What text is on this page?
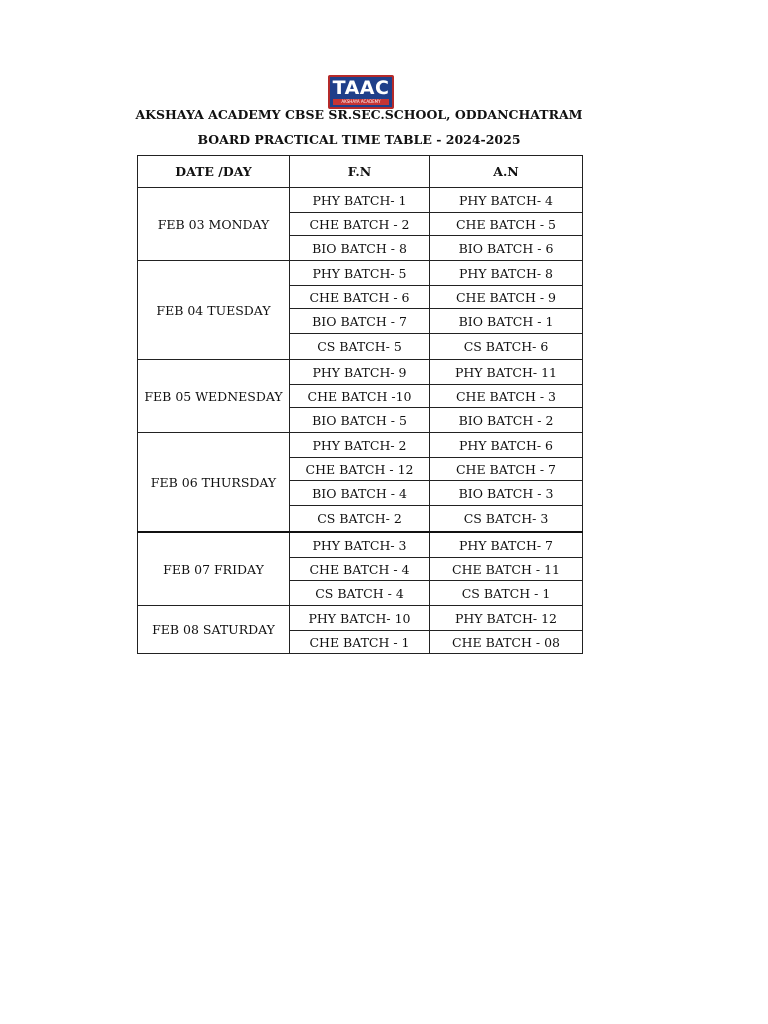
TAAC
AKSHAYA ACADEMY
AKSHAYA ACADEMY CBSE SR.SEC.SCHOOL, ODDANCHATRAM
BOARD PRACTICAL TIME TABLE - 2024-2025
DATE /DAY	F.N	A.N
FEB 03 MONDAY	PHY BATCH- 1	PHY BATCH- 4
	CHE BATCH - 2	CHE BATCH - 5
	BIO BATCH - 8	BIO BATCH - 6
FEB 04 TUESDAY	PHY BATCH- 5	PHY BATCH- 8
	CHE BATCH - 6	CHE BATCH - 9
	BIO BATCH - 7	BIO BATCH - 1
	CS BATCH- 5	CS BATCH- 6
FEB 05 WEDNESDAY	PHY BATCH- 9	PHY BATCH- 11
	CHE BATCH -10	CHE BATCH - 3
	BIO BATCH - 5	BIO BATCH - 2
FEB 06 THURSDAY	PHY BATCH- 2	PHY BATCH- 6
	CHE BATCH - 12	CHE BATCH - 7
	BIO BATCH - 4	BIO BATCH - 3
	CS BATCH- 2	CS BATCH- 3
FEB 07 FRIDAY	PHY BATCH- 3	PHY BATCH- 7
	CHE BATCH - 4	CHE BATCH - 11
	CS BATCH - 4	CS BATCH - 1
FEB 08 SATURDAY	PHY BATCH- 10	PHY BATCH- 12
	CHE BATCH - 1	CHE BATCH - 08
